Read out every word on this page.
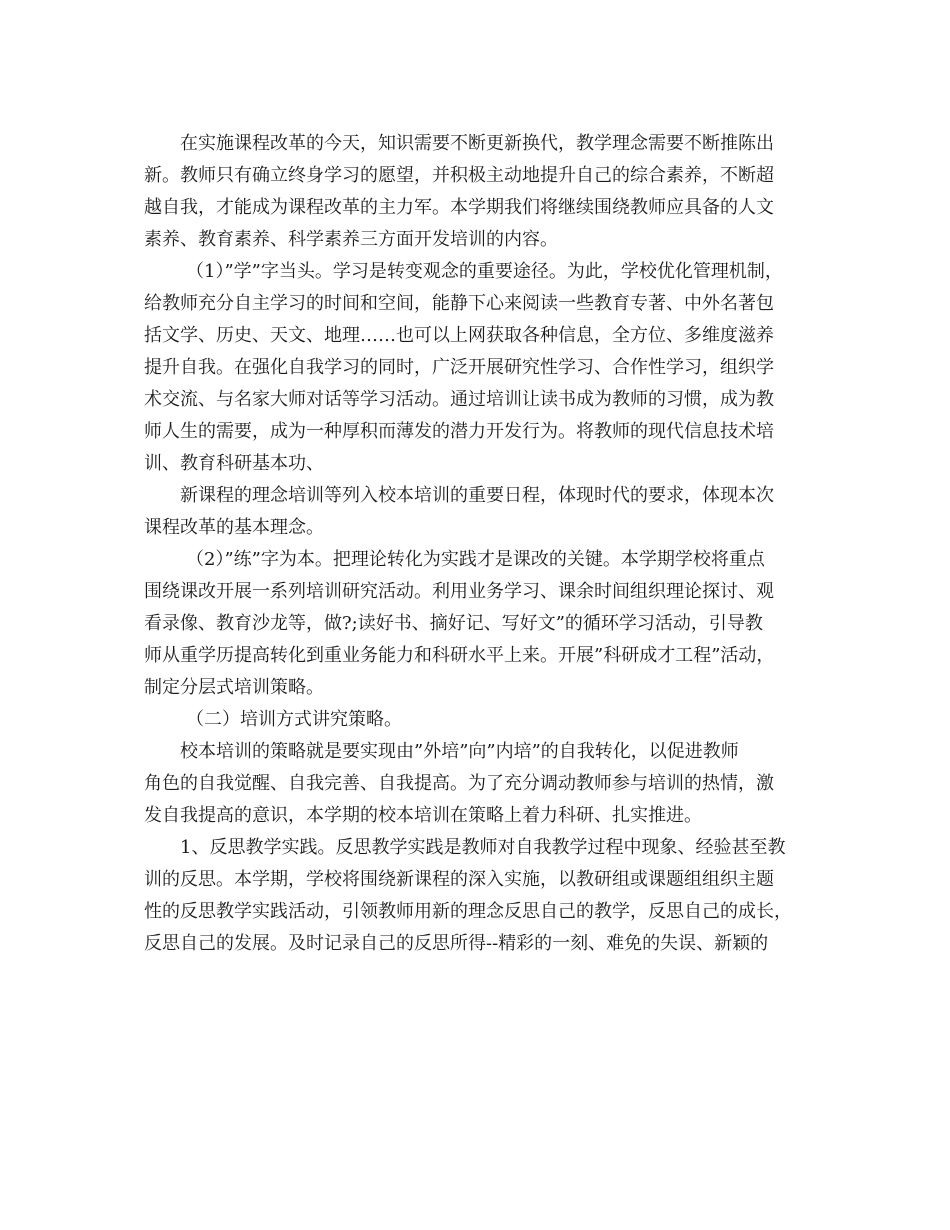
在实施课程改革的今天，知识需要不断更新换代，教学理念需要不断推陈出
新。教师只有确立终身学习的愿望，并积极主动地提升自己的综合素养，不断超
越自我，才能成为课程改革的主力军。本学期我们将继续围绕教师应具备的人文
素养、教育素养、科学素养三方面开发培训的内容。
（1）”学”字当头。学习是转变观念的重要途径。为此，学校优化管理机制，
给教师充分自主学习的时间和空间，能静下心来阅读一些教育专著、中外名著包
括文学、历史、天文、地理……也可以上网获取各种信息，全方位、多维度滋养
提升自我。在强化自我学习的同时，广泛开展研究性学习、合作性学习，组织学
术交流、与名家大师对话等学习活动。通过培训让读书成为教师的习惯，成为教
师人生的需要，成为一种厚积而薄发的潜力开发行为。将教师的现代信息技术培
训、教育科研基本功、
新课程的理念培训等列入校本培训的重要日程，体现时代的要求，体现本次
课程改革的基本理念。
（2）”练”字为本。把理论转化为实践才是课改的关键。本学期学校将重点
围绕课改开展一系列培训研究活动。利用业务学习、课余时间组织理论探讨、观
看录像、教育沙龙等，做?;读好书、摘好记、写好文”的循环学习活动，引导教
师从重学历提高转化到重业务能力和科研水平上来。开展”科研成才工程”活动，
制定分层式培训策略。
（二）培训方式讲究策略。
校本培训的策略就是要实现由”外培”向”内培”的自我转化，以促进教师
角色的自我觉醒、自我完善、自我提高。为了充分调动教师参与培训的热情，激
发自我提高的意识，本学期的校本培训在策略上着力科研、扎实推进。
1、反思教学实践。反思教学实践是教师对自我教学过程中现象、经验甚至教
训的反思。本学期，学校将围绕新课程的深入实施，以教研组或课题组组织主题
性的反思教学实践活动，引领教师用新的理念反思自己的教学，反思自己的成长，
反思自己的发展。及时记录自己的反思所得--精彩的一刻、难免的失误、新颖的
